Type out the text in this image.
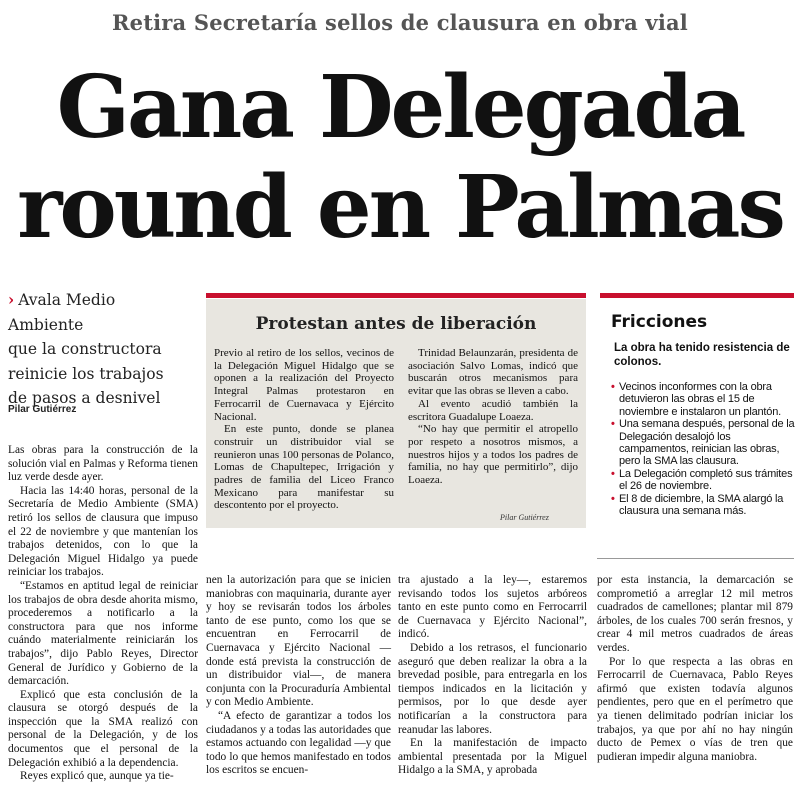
Retira Secretaría sellos de clausura en obra vial
Gana Delegada
round en Palmas

› Avala Medio Ambiente

que la constructora

reinicie los trabajos

de pasos a desnivel

Pilar Gutiérrez

Las obras para la construcción de la solución vial en Palmas y Reforma tienen luz verde desde ayer.

Hacia las 14:40 horas, personal de la Secretaría de Medio Ambiente (SMA) retiró los sellos de clausura que impuso el 22 de noviembre y que mantenían los trabajos detenidos, con lo que la Delegación Miguel Hidalgo ya puede reiniciar los trabajos.

“Estamos en aptitud legal de reiniciar los trabajos de obra desde ahorita mismo, procederemos a notificarlo a la constructora para que nos informe cuándo materialmente reiniciarán los trabajos”, dijo Pablo Reyes, Director General de Jurídico y Gobierno de la demarcación.

Explicó que esta conclusión de la clausura se otorgó después de la inspección que la SMA realizó con personal de la Delegación, y de los documentos que el personal de la Delegación exhibió a la dependencia.

Reyes explicó que, aunque ya tie-

Protestan antes de liberación

Previo al retiro de los sellos, vecinos de la Delegación Miguel Hidalgo que se oponen a la realización del Proyecto Integral Palmas protestaron en Ferrocarril de Cuernavaca y Ejército Nacional.

En este punto, donde se planea construir un distribuidor vial se reunieron unas 100 personas de Polanco, Lomas de Chapultepec, Irrigación y padres de familia del Liceo Franco Mexicano para manifestar su descontento por el proyecto.

Trinidad Belaunzarán, presidenta de asociación Salvo Lomas, indicó que buscarán otros mecanismos para evitar que las obras se lleven a cabo.

Al evento acudió también la escritora Guadalupe Loaeza.

“No hay que permitir el atropello por respeto a nosotros mismos, a nuestros hijos y a todos los padres de familia, no hay que permitirlo”, dijo Loaeza.

Pilar Gutiérrez
Fricciones
La obra ha tenido resistencia de colonos.
• Vecinos inconformes con la obra detuvieron las obras el 15 de noviembre e instalaron un plantón.
• Una semana después, personal de la Delegación desalojó los campamentos, reinician las obras, pero la SMA las clausura.
• La Delegación completó sus trámites el 26 de noviembre.
• El 8 de diciembre, la SMA alargó la clausura una semana más.

nen la autorización para que se inicien maniobras con maquinaria, durante ayer y hoy se revisarán todos los árboles tanto de ese punto, como los que se encuentran en Ferrocarril de Cuernavaca y Ejército Nacional —donde está prevista la construcción de un distribuidor vial—, de manera conjunta con la Procuraduría Ambiental y con Medio Ambiente.

“A efecto de garantizar a todos los ciudadanos y a todas las autoridades que estamos actuando con legalidad —y que todo lo que hemos manifestado en todos los escritos se encuen-

tra ajustado a la ley—, estaremos revisando todos los sujetos arbóreos tanto en este punto como en Ferrocarril de Cuernavaca y Ejército Nacional”, indicó.

Debido a los retrasos, el funcionario aseguró que deben realizar la obra a la brevedad posible, para entregarla en los tiempos indicados en la licitación y permisos, por lo que desde ayer notificarían a la constructora para reanudar las labores.

En la manifestación de impacto ambiental presentada por la Miguel Hidalgo a la SMA, y aprobada

por esta instancia, la demarcación se comprometió a arreglar 12 mil metros cuadrados de camellones; plantar mil 879 árboles, de los cuales 700 serán fresnos, y crear 4 mil metros cuadrados de áreas verdes.

Por lo que respecta a las obras en Ferrocarril de Cuernavaca, Pablo Reyes afirmó que existen todavía algunos pendientes, pero que en el perímetro que ya tienen delimitado podrían iniciar los trabajos, ya que por ahí no hay ningún ducto de Pemex o vías de tren que pudieran impedir alguna maniobra.
